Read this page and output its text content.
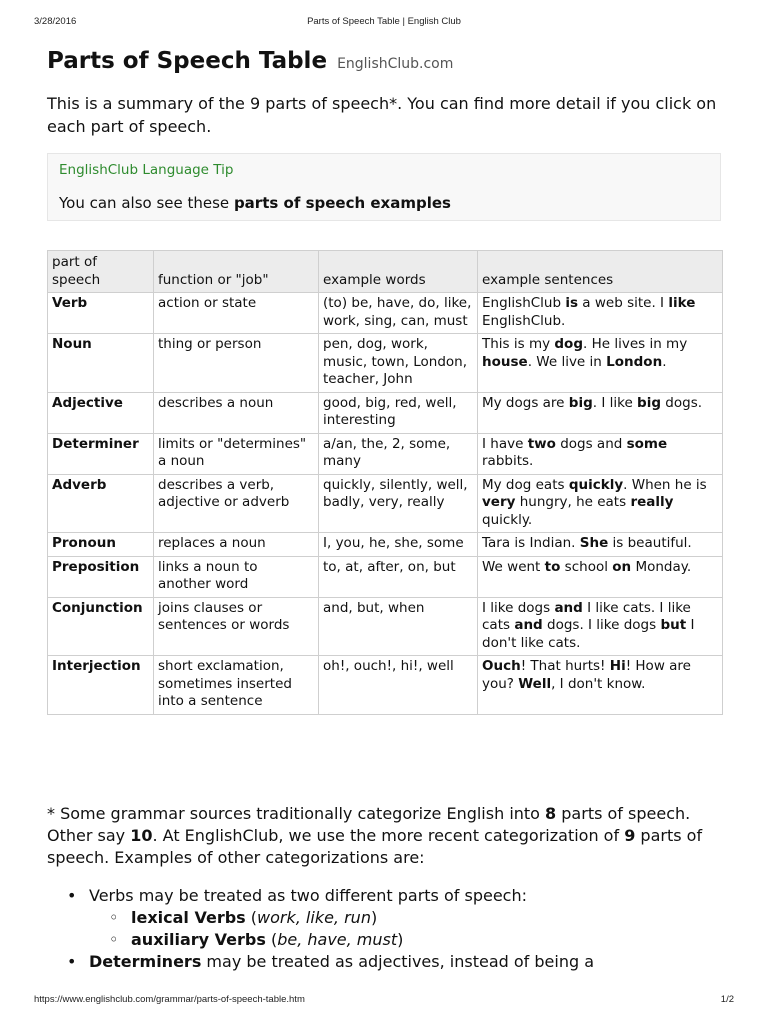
3/28/2016	Parts of Speech Table | English Club
Parts of Speech Table EnglishClub.com

This is a summary of the 9 parts of speech*. You can find more detail if you click on each part of speech.

EnglishClub Language Tip
You can also see these parts of speech examples
part of speech	function or "job"	example words	example sentences
Verb	action or state	(to) be, have, do, like, work, sing, can, must	EnglishClub is a web site. I like EnglishClub.
Noun	thing or person	pen, dog, work, music, town, London, teacher, John	This is my dog. He lives in my house. We live in London.
Adjective	describes a noun	good, big, red, well, interesting	My dogs are big. I like big dogs.
Determiner	limits or "determines" a noun	a/an, the, 2, some, many	I have two dogs and some rabbits.
Adverb	describes a verb, adjective or adverb	quickly, silently, well, badly, very, really	My dog eats quickly. When he is very hungry, he eats really quickly.
Pronoun	replaces a noun	I, you, he, she, some	Tara is Indian. She is beautiful.
Preposition	links a noun to another word	to, at, after, on, but	We went to school on Monday.
Conjunction	joins clauses or sentences or words	and, but, when	I like dogs and I like cats. I like cats and dogs. I like dogs but I don't like cats.
Interjection	short exclamation, sometimes inserted into a sentence	oh!, ouch!, hi!, well	Ouch! That hurts! Hi! How are you? Well, I don't know.

* Some grammar sources traditionally categorize English into 8 parts of speech. Other say 10. At EnglishClub, we use the more recent categorization of 9 parts of speech. Examples of other categorizations are:

• Verbs may be treated as two different parts of speech:
◦ lexical Verbs (work, like, run)
◦ auxiliary Verbs (be, have, must)
• Determiners may be treated as adjectives, instead of being a
https://www.englishclub.com/grammar/parts-of-speech-table.htm	1/2
